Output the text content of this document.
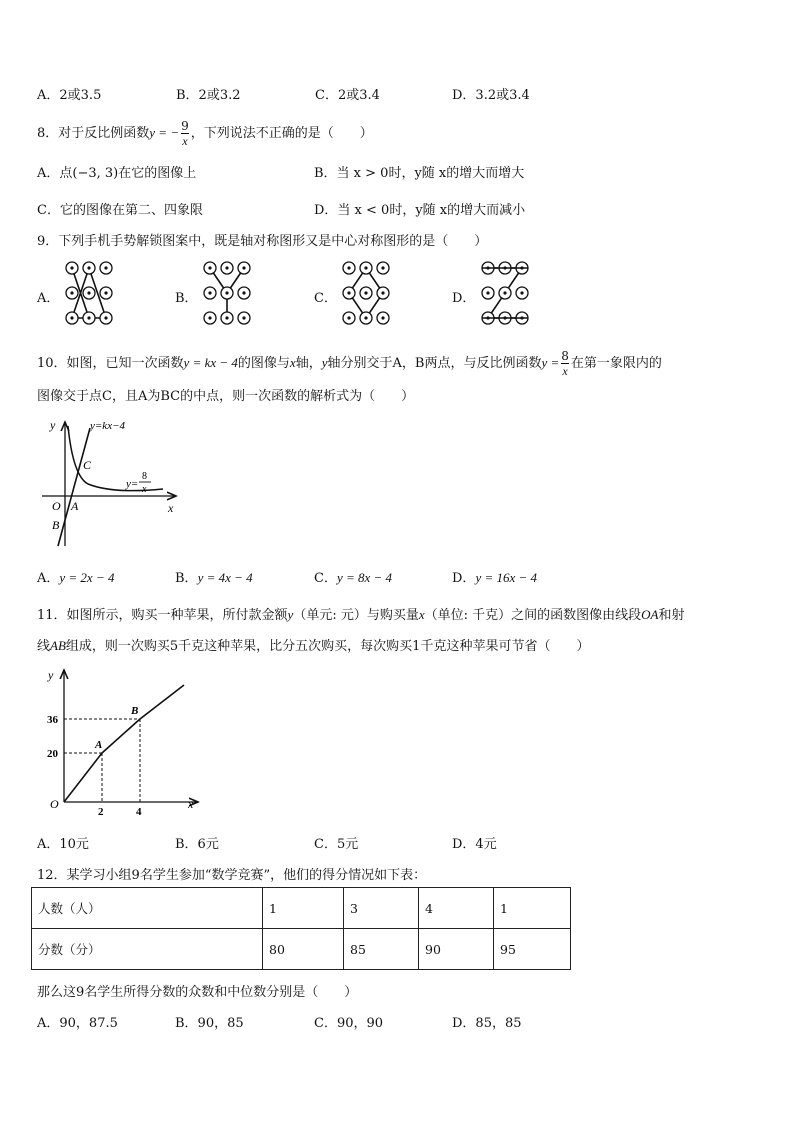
A．2或3.5	B．2或3.2	C．2或3.4	D．3.2或3.4
8．对于反比例函数y = − $\frac{9}{x}$ ，下列说法不正确的是（　　）
A．点(−3, 3)在它的图像上	B．当 x > 0时，y随 x的增大而增大
C．它的图像在第二、四象限	D．当 x < 0时，y随 x的增大而减小
9．下列手机手势解锁图案中，既是轴对称图形又是中心对称图形的是（　　）
A．	B．	C．	D．
10．如图，已知一次函数y = kx − 4的图像与x轴，y轴分别交于A，B两点，与反比例函数$y = \frac{8}{x}$ 在第一象限内的
图像交于点C，且A为BC的中点，则一次函数的解析式为（　　）
y
x
O A
B
C
y=kx−4
y=
8
x
A．y = 2x − 4	B．y = 4x − 4	C．y = 8x − 4	D．y = 16x − 4
11．如图所示，购买一种苹果，所付款金额y（单元: 元）与购买量x（单位: 千克）之间的函数图像由线段OA和射
线AB组成，则一次购买5千克这种苹果，比分五次购买，每次购买1千克这种苹果可节省（　　）
y
x
O
36
20
2	4
A
B
A．10元	B．6元	C．5元	D．4元
12．某学习小组9名学生参加“数学竞赛”，他们的得分情况如下表：
人数（人）	1	3	4	1
分数（分）	80	85	90	95
那么这9名学生所得分数的众数和中位数分别是（　　）
A．90，87.5	B．90，85	C．90，90	D．85，85
